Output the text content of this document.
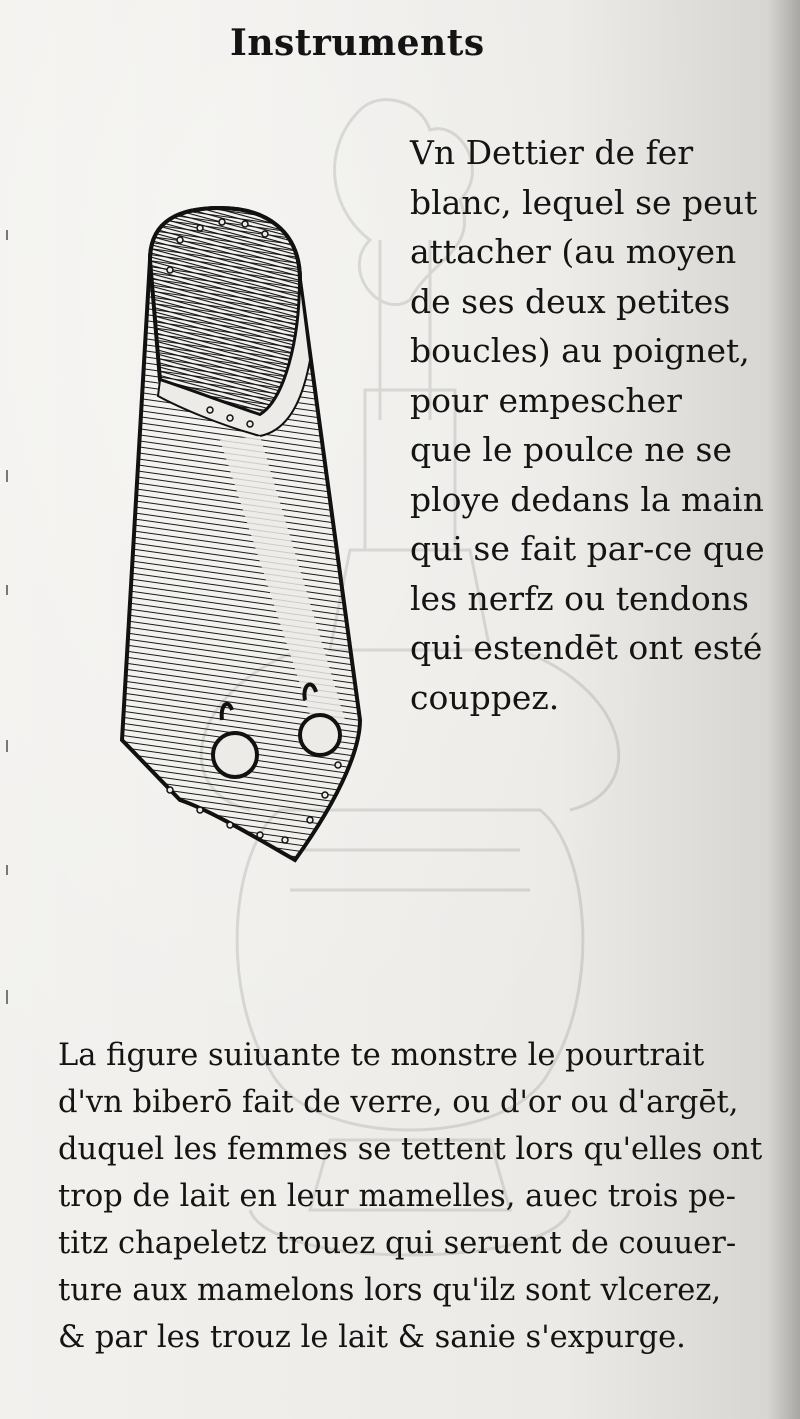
Instruments
Vn Dettier de fer
blanc, lequel se peut
attacher (au moyen
de ses deux petites
boucles) au poignet,
pour empescher
que le poulce ne se
ploye dedans la main
qui se fait par-ce que
les nerfz ou tendons
qui estendēt ont esté
couppez.
La figure suiuante te monstre le pourtrait
d'vn biberō fait de verre, ou d'or ou d'argēt,
duquel les femmes se tettent lors qu'elles ont
trop de lait en leur mamelles, auec trois pe-
titz chapeletz trouez qui seruent de couuer-
ture aux mamelons lors qu'ilz sont vlcerez,
& par les trouz le lait & sanie s'expurge.
